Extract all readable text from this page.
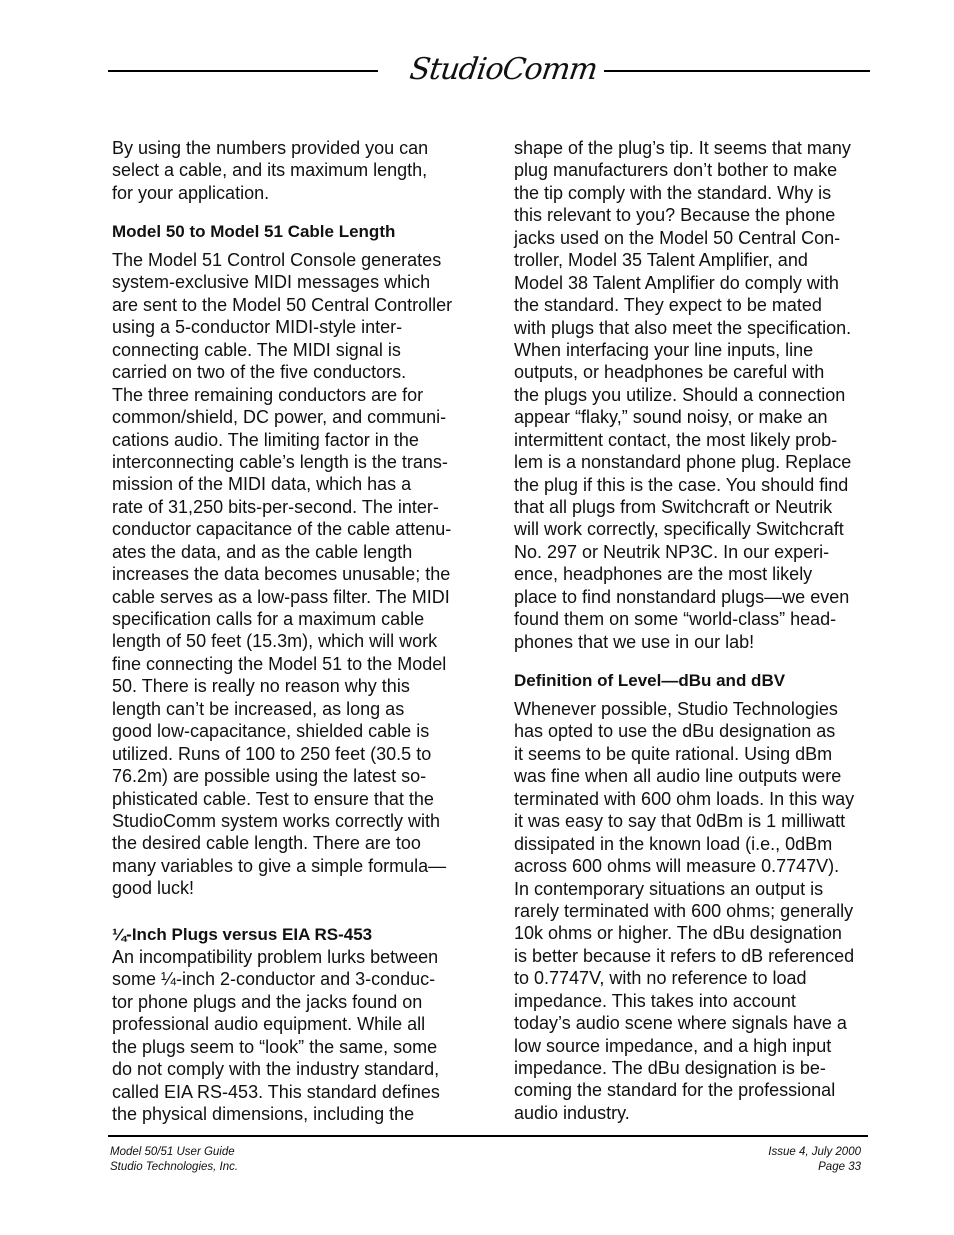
StudioComm
By using the numbers provided you can
select a cable, and its maximum length,
for your application.
Model 50 to Model 51 Cable Length
The Model 51 Control Console generates
system-exclusive MIDI messages which
are sent to the Model 50 Central Controller
using a 5-conductor MIDI-style inter-
connecting cable. The MIDI signal is
carried on two of the five conductors.
The three remaining conductors are for
common/shield, DC power, and communi-
cations audio. The limiting factor in the
interconnecting cable’s length is the trans-
mission of the MIDI data, which has a
rate of 31,250 bits-per-second. The inter-
conductor capacitance of the cable attenu-
ates the data, and as the cable length
increases the data becomes unusable; the
cable serves as a low-pass filter. The MIDI
specification calls for a maximum cable
length of 50 feet (15.3m), which will work
fine connecting the Model 51 to the Model
50. There is really no reason why this
length can’t be increased, as long as
good low-capacitance, shielded cable is
utilized. Runs of 100 to 250 feet (30.5 to
76.2m) are possible using the latest so-
phisticated cable. Test to ensure that the
StudioComm system works correctly with
the desired cable length. There are too
many variables to give a simple formula—
good luck!
¼-Inch Plugs versus EIA RS-453
An incompatibility problem lurks between
some ¼-inch 2-conductor and 3-conduc-
tor phone plugs and the jacks found on
professional audio equipment. While all
the plugs seem to “look” the same, some
do not comply with the industry standard,
called EIA RS-453. This standard defines
the physical dimensions, including the
shape of the plug’s tip. It seems that many
plug manufacturers don’t bother to make
the tip comply with the standard. Why is
this relevant to you? Because the phone
jacks used on the Model 50 Central Con-
troller, Model 35 Talent Amplifier, and
Model 38 Talent Amplifier do comply with
the standard. They expect to be mated
with plugs that also meet the specification.
When interfacing your line inputs, line
outputs, or headphones be careful with
the plugs you utilize. Should a connection
appear “flaky,” sound noisy, or make an
intermittent contact, the most likely prob-
lem is a nonstandard phone plug. Replace
the plug if this is the case. You should find
that all plugs from Switchcraft or Neutrik
will work correctly, specifically Switchcraft
No. 297 or Neutrik NP3C. In our experi-
ence, headphones are the most likely
place to find nonstandard plugs—we even
found them on some “world-class” head-
phones that we use in our lab!
Definition of Level—dBu and dBV
Whenever possible, Studio Technologies
has opted to use the dBu designation as
it seems to be quite rational. Using dBm
was fine when all audio line outputs were
terminated with 600 ohm loads. In this way
it was easy to say that 0dBm is 1 milliwatt
dissipated in the known load (i.e., 0dBm
across 600 ohms will measure 0.7747V).
In contemporary situations an output is
rarely terminated with 600 ohms; generally
10k ohms or higher. The dBu designation
is better because it refers to dB referenced
to 0.7747V, with no reference to load
impedance. This takes into account
today’s audio scene where signals have a
low source impedance, and a high input
impedance. The dBu designation is be-
coming the standard for the professional
audio industry.
Model 50/51 User Guide
Studio Technologies, Inc.
Issue 4, July 2000
Page 33
